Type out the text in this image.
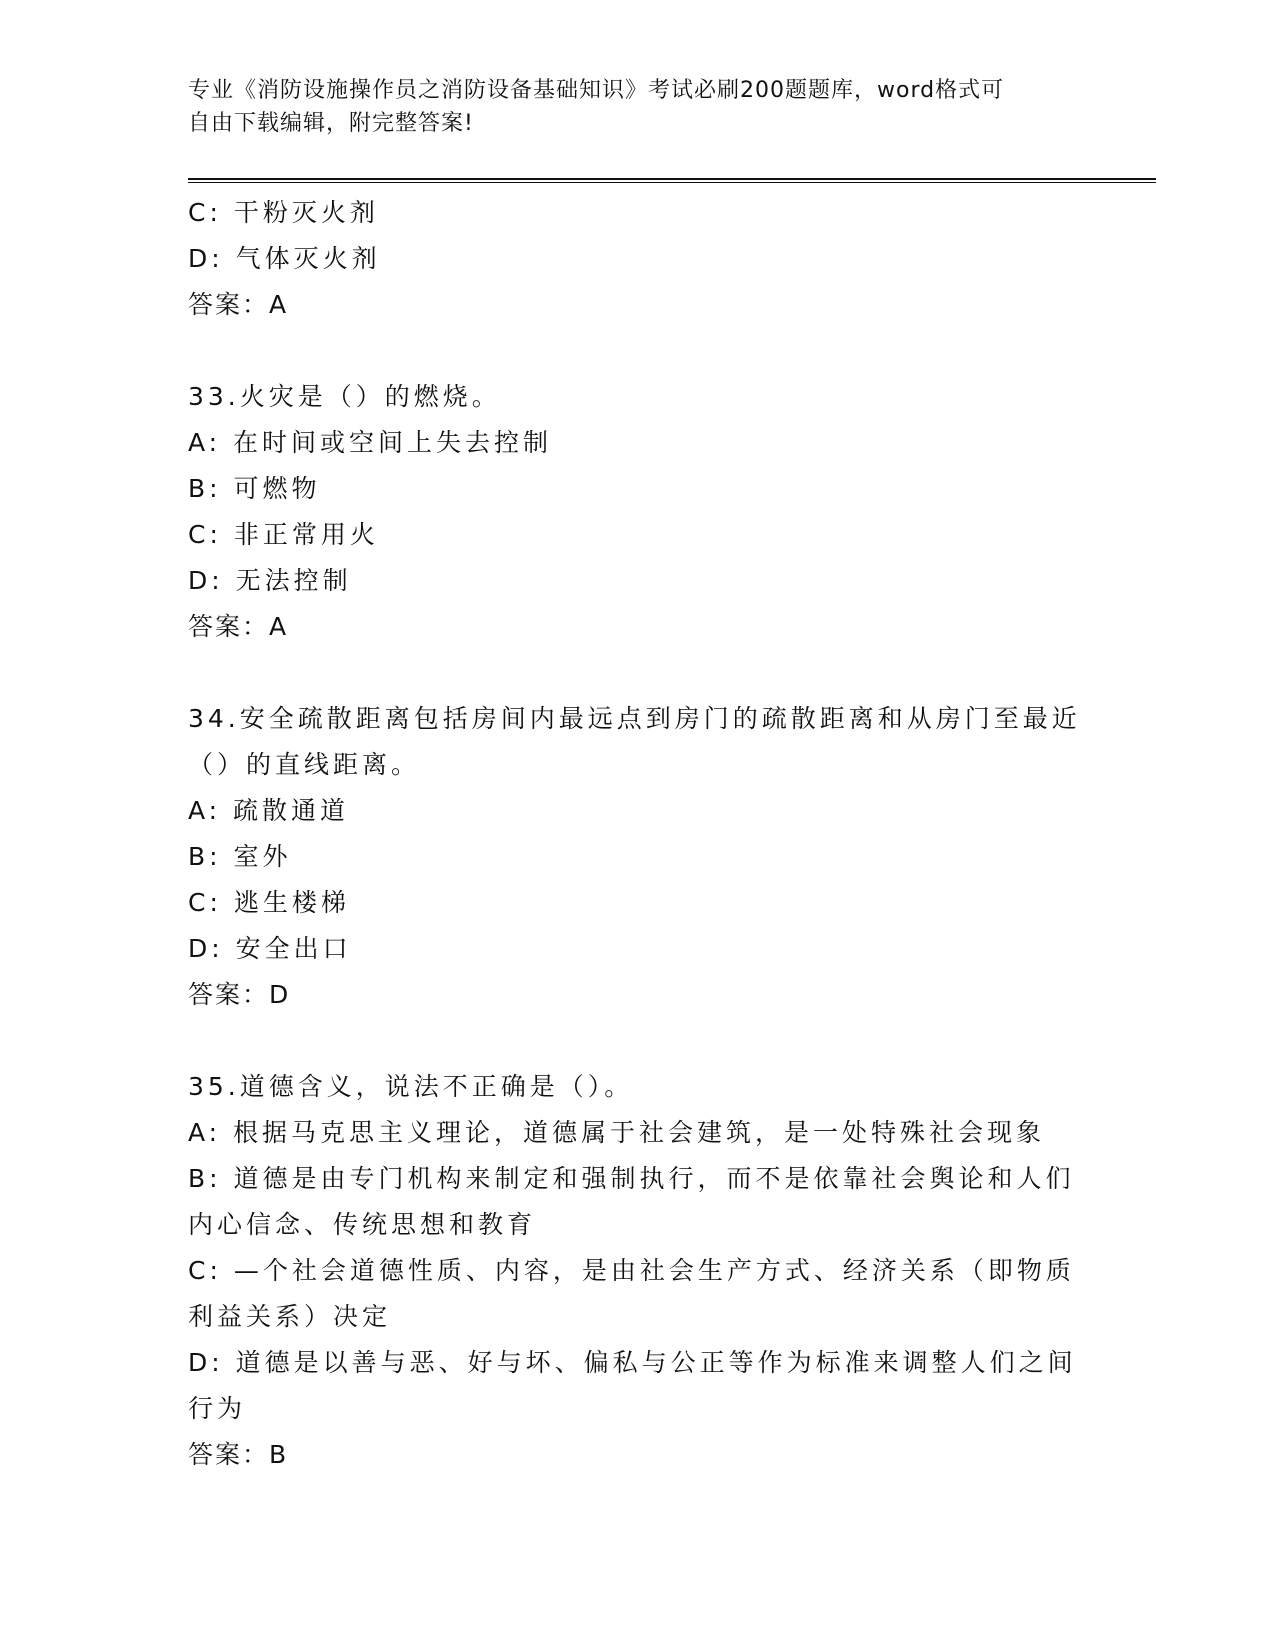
专业《消防设施操作员之消防设备基础知识》考试必刷200题题库，word格式可
自由下载编辑，附完整答案!

C: 干粉灭火剂

D: 气体灭火剂

答案：A

33.火灾是（）的燃烧。

A: 在时间或空间上失去控制

B: 可燃物

C: 非正常用火

D: 无法控制

答案：A

34.安全疏散距离包括房间内最远点到房门的疏散距离和从房门至最近（）的直线距离。

A: 疏散通道

B: 室外

C: 逃生楼梯

D: 安全出口

答案：D

35.道德含义，说法不正确是（）。

A: 根据马克思主义理论，道德属于社会建筑，是一处特殊社会现象

B: 道德是由专门机构来制定和强制执行，而不是依靠社会舆论和人们内心信念、传统思想和教育

C: —个社会道德性质、内容，是由社会生产方式、经济关系（即物质利益关系）决定

D: 道德是以善与恶、好与坏、偏私与公正等作为标准来调整人们之间行为

答案：B
